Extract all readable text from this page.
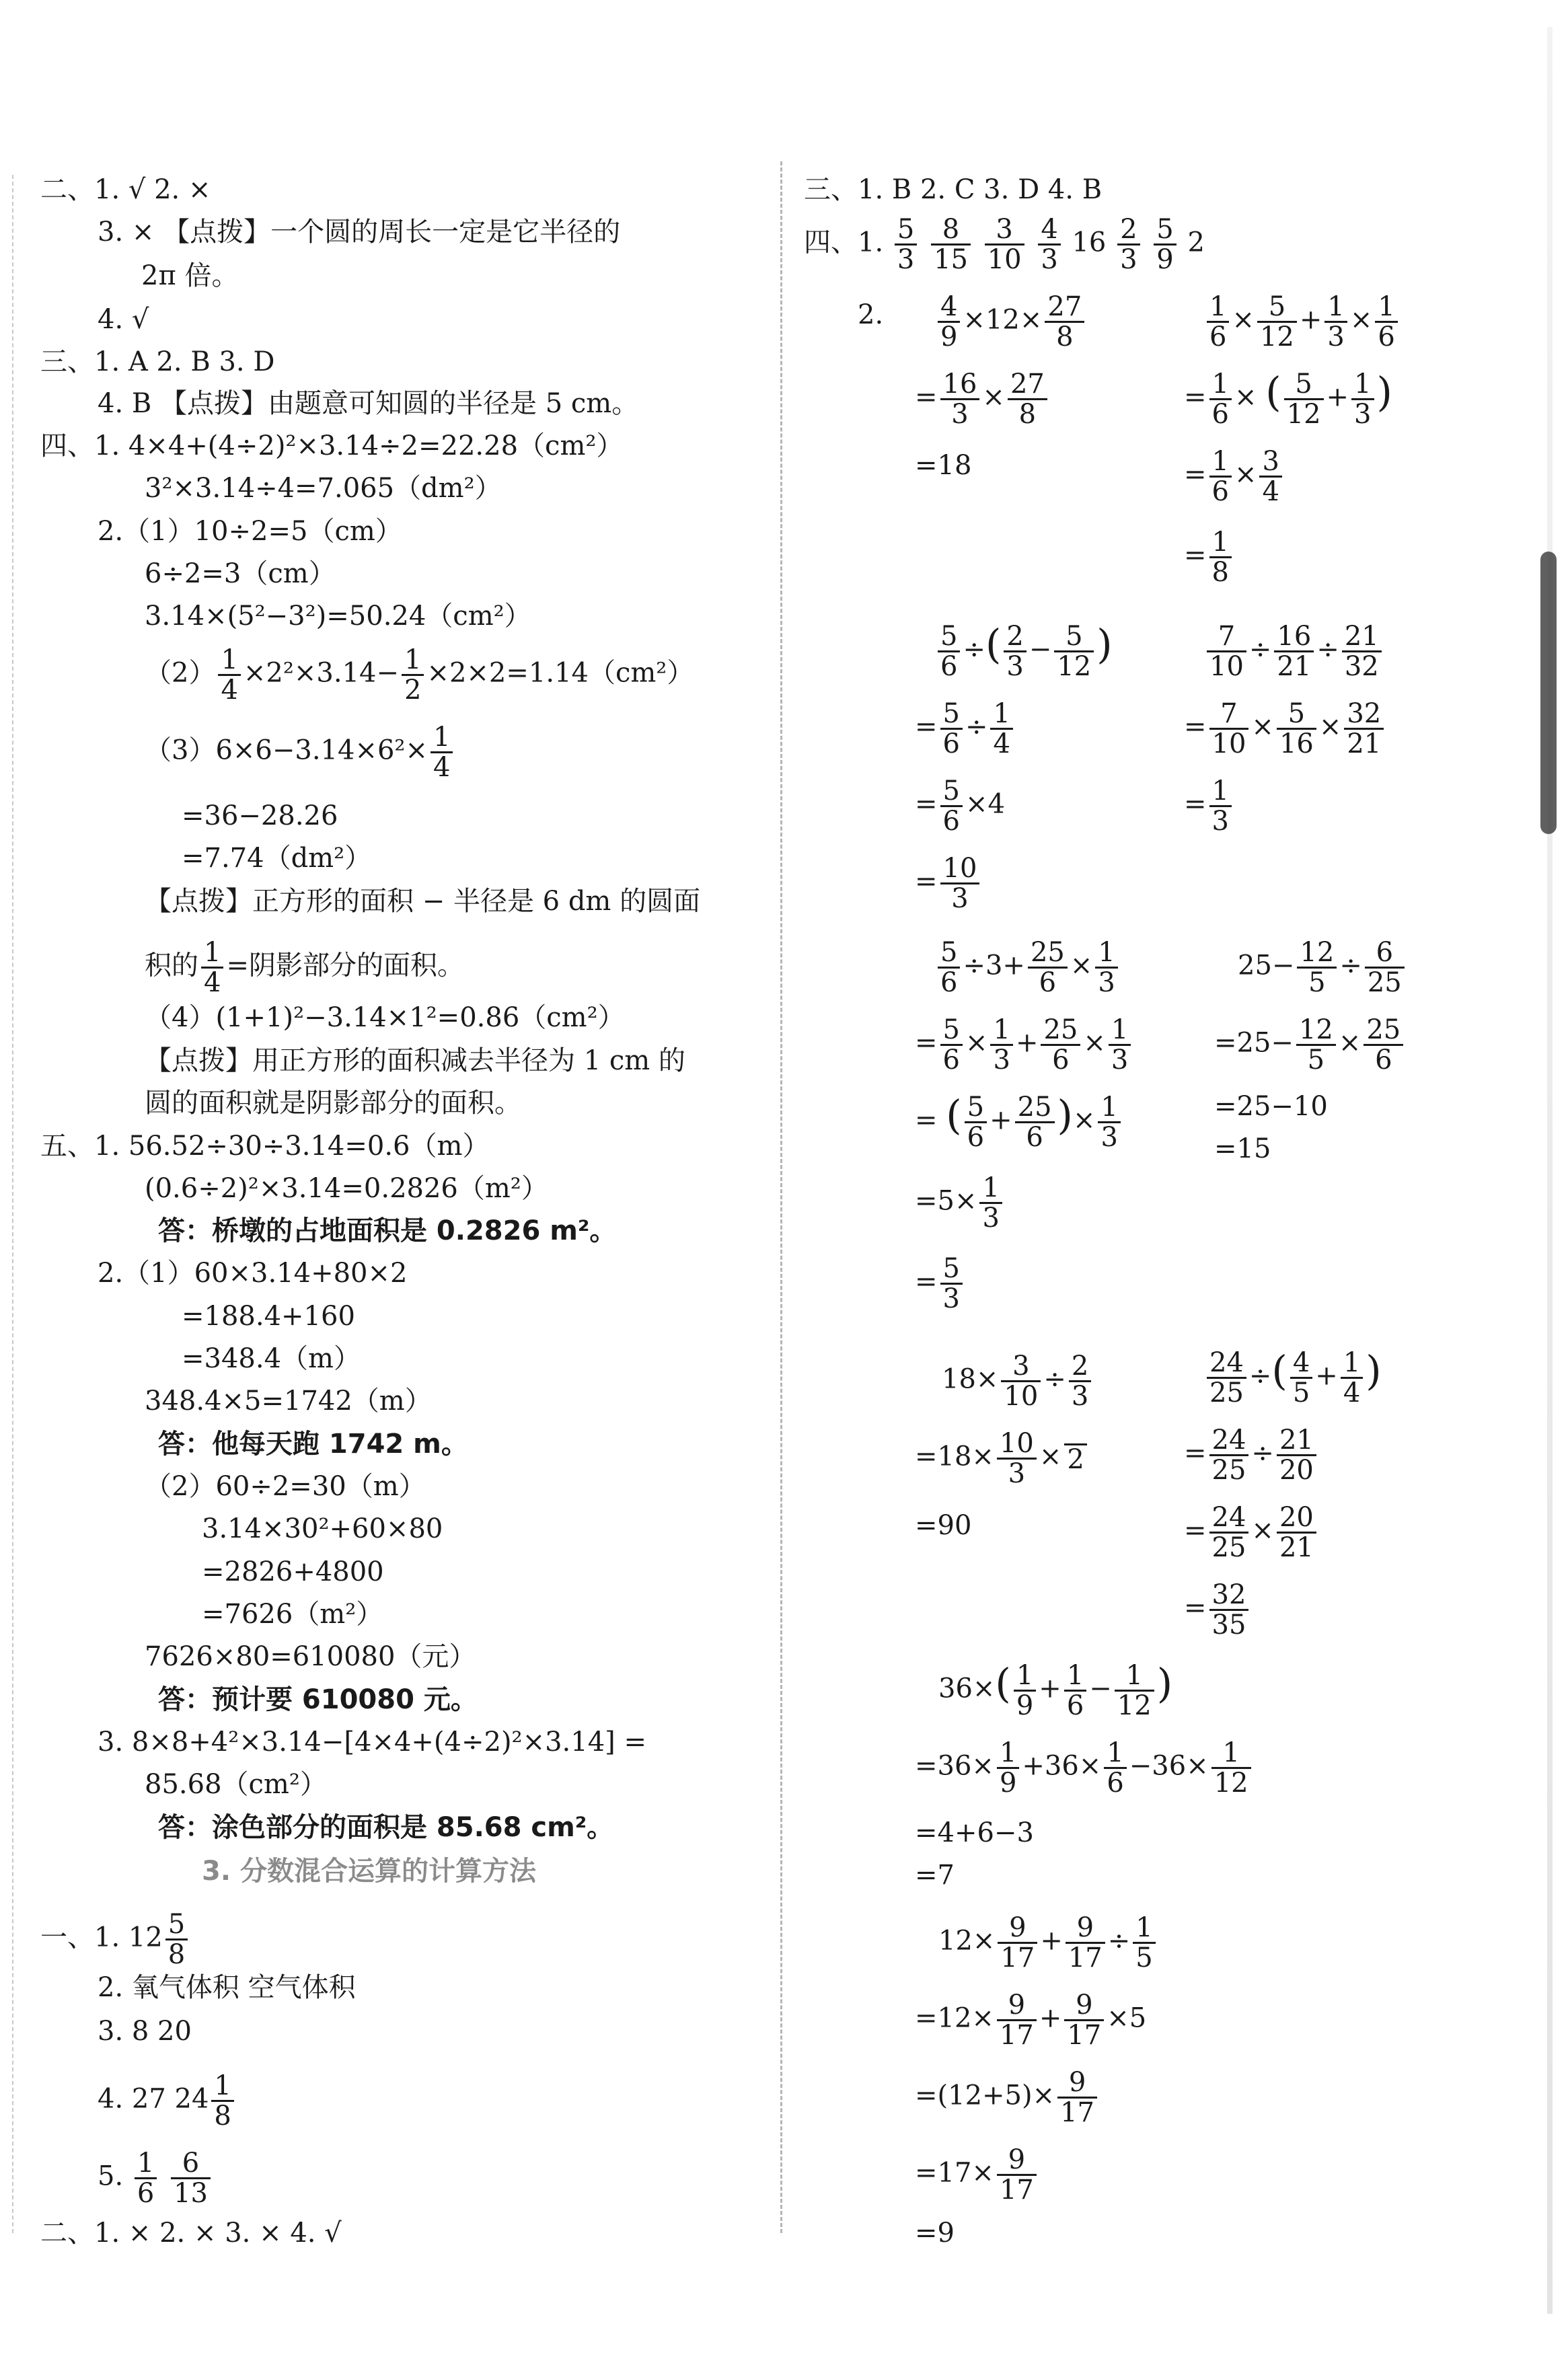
二、1. √ 2. ×
3. × 【点拨】一个圆的周长一定是它半径的
2π 倍。
4. √
三、1. A 2. B 3. D
4. B 【点拨】由题意可知圆的半径是 5 cm。
四、1. 4×4+(4÷2)²×3.14÷2=22.28（cm²）
3²×3.14÷4=7.065（dm²）
2.（1）10÷2=5（cm）
6÷2=3（cm）
3.14×(5²−3²)=50.24（cm²）
$(2) \frac{1}{4} \times 2^2\times 3.14- \frac{1}{2} \times 2\times 2=1.14(cm^2)$
$(3)6\times 6-3.14\times 6^2\times \frac{1}{4}$
=36−28.26
=7.74（dm²）
【点拨】正方形的面积 − 半径是 6 dm 的圆面
积的 $\frac{1}{4}$ =阴影部分的面积。
（4）(1+1)²−3.14×1²=0.86（cm²）
【点拨】用正方形的面积减去半径为 1 cm 的
圆的面积就是阴影部分的面积。
五、1. 56.52÷30÷3.14=0.6（m）
(0.6÷2)²×3.14=0.2826（m²）
答：桥墩的占地面积是 0.2826 m²。
2.（1）60×3.14+80×2
=188.4+160
=348.4（m）
348.4×5=1742（m）
答：他每天跑 1742 m。
（2）60÷2=30（m）
3.14×30²+60×80
=2826+4800
=7626（m²）
7626×80=610080（元）
答：预计要 610080 元。
3. 8×8+4²×3.14−[4×4+(4÷2)²×3.14] =
85.68（cm²）
答：涂色部分的面积是 85.68 cm²。
3. 分数混合运算的计算方法
一、1. $12 \frac{5}{8}$
2. 氧气体积 空气体积
3. 8 20
4. 27 $24 \frac{1}{8}$
5. $\frac{1}{6}$
$\frac{6}{13}$
二、1. × 2. × 3. × 4. √
三、1. B 2. C 3. D 4. B
四、1. $\frac{5}{3}$
$\frac{8}{15}$
$\frac{3}{10}$
$\frac{4}{3} 16 \frac{2}{3}$
$\frac{5}{9} 2$
2. $\frac{4}{9} \times 12\times \frac{27}{8}$
= $\frac{16}{3} \times \frac{27}{8}$
=18
$\frac{1}{6} \times \frac{5}{12} + \frac{1}{3} \times \frac{1}{6}$
= $\frac{1}{6}$ × ( $\frac{5}{12} + \frac{1}{3}$ )
= $\frac{1}{6} \times \frac{3}{4}$
= $\frac{1}{8}$
$\frac{5}{6}$ ÷( $\frac{2}{3} - \frac{5}{12}$ )
= $\frac{5}{6} \div \frac{1}{4}$
= $\frac{5}{6} \times 4$
= $\frac{10}{3}$
$\frac{7}{10} \div \frac{16}{21} \div \frac{21}{32}$
= $\frac{7}{10} \times \frac{5}{16} \times \frac{32}{21}$
= $\frac{1}{3}$
$\frac{5}{6} \div 3+ \frac{25}{6} \times \frac{1}{3}$
= $\frac{5}{6} \times \frac{1}{3} + \frac{25}{6} \times \frac{1}{3}$
= ( $\frac{5}{6} + \frac{25}{6}$ )× $\frac{1}{3}$
$=5\times \frac{1}{3}$
= $\frac{5}{3}$
$25- \frac{12}{5} \div \frac{6}{25}$
$=25- \frac{12}{5} \times \frac{25}{6}$
=25−10
=15
$18\times \frac{3}{10} \div \frac{2}{3}$
$=18\times \frac{10}{3} \times 2$
=90
$\frac{24}{25}$ ÷( $\frac{4}{5} + \frac{1}{4}$ )
= $\frac{24}{25} \div \frac{21}{20}$
= $\frac{24}{25} \times \frac{20}{21}$
= $\frac{32}{35}$
$36\times( \frac{1}{9} + \frac{1}{6} - \frac{1}{12}$ )
$=36\times \frac{1}{9} +36\times \frac{1}{6} -36\times \frac{1}{12}$
=4+6−3
=7
$12\times \frac{9}{17} + \frac{9}{17} \div \frac{1}{5}$
$=12\times \frac{9}{17} + \frac{9}{17} \times 5$
$=(12+5)\times \frac{9}{17}$
$=17\times \frac{9}{17}$
=9
